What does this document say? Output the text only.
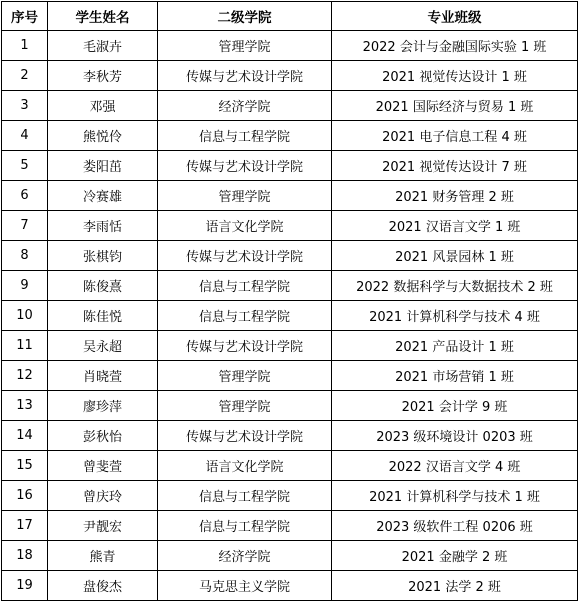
序号	学生姓名	二级学院	专业班级
1	毛淑卉	管理学院	2022 会计与金融国际实验 1 班
2	李秋芳	传媒与艺术设计学院	2021 视觉传达设计 1 班
3	邓强	经济学院	2021 国际经济与贸易 1 班
4	熊悦伶	信息与工程学院	2021 电子信息工程 4 班
5	娄阳茁	传媒与艺术设计学院	2021 视觉传达设计 7 班
6	冷赛雄	管理学院	2021 财务管理 2 班
7	李雨恬	语言文化学院	2021 汉语言文学 1 班
8	张棋钧	传媒与艺术设计学院	2021 风景园林 1 班
9	陈俊熹	信息与工程学院	2022 数据科学与大数据技术 2 班
10	陈佳悦	信息与工程学院	2021 计算机科学与技术 4 班
11	吴永超	传媒与艺术设计学院	2021 产品设计 1 班
12	肖晓萱	管理学院	2021 市场营销 1 班
13	廖珍萍	管理学院	2021 会计学 9 班
14	彭秋怡	传媒与艺术设计学院	2023 级环境设计 0203 班
15	曾斐萱	语言文化学院	2022 汉语言文学 4 班
16	曾庆玲	信息与工程学院	2021 计算机科学与技术 1 班
17	尹靓宏	信息与工程学院	2023 级软件工程 0206 班
18	熊青	经济学院	2021 金融学 2 班
19	盘俊杰	马克思主义学院	2021 法学 2 班
